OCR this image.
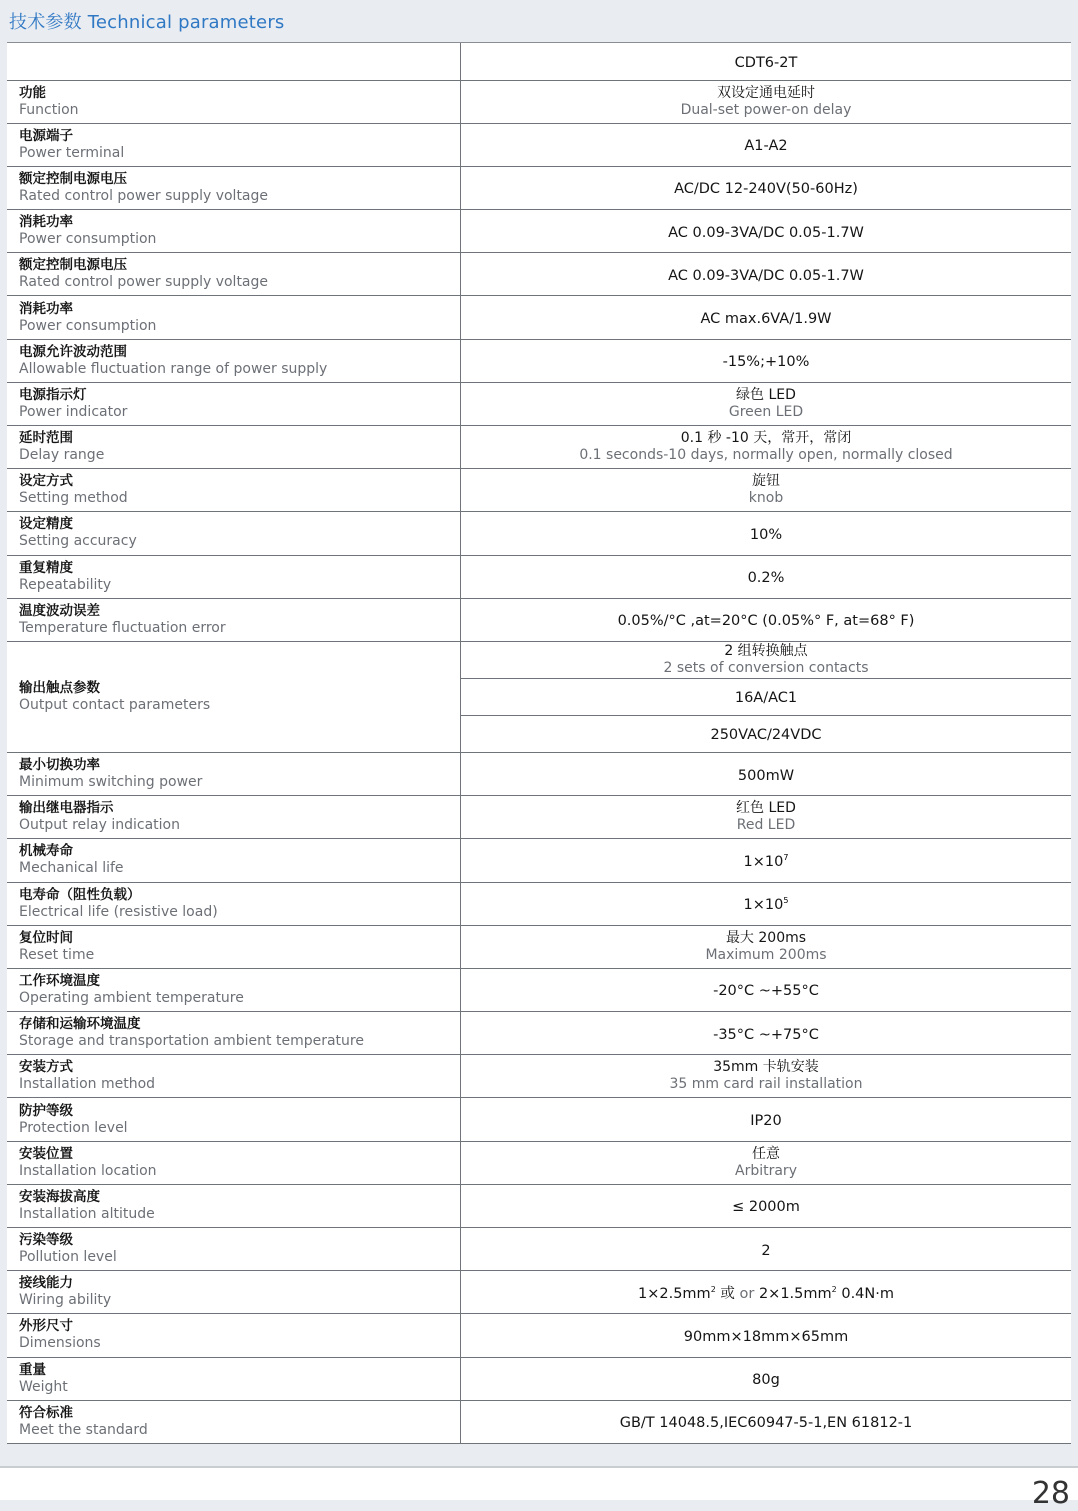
技术参数 Technical parameters
	CDT6-2T

功能
Function	双设定通电延时
Dual-set power-on delay

电源端子
Power terminal	A1-A2

额定控制电源电压
Rated control power supply voltage	AC/DC 12-240V(50-60Hz)

消耗功率
Power consumption	AC 0.09-3VA/DC 0.05-1.7W

额定控制电源电压
Rated control power supply voltage	AC 0.09-3VA/DC 0.05-1.7W

消耗功率
Power consumption	AC max.6VA/1.9W

电源允许波动范围
Allowable fluctuation range of power supply	-15%;+10%

电源指示灯
Power indicator	绿色 LED
Green LED

延时范围
Delay range	0.1 秒 -10 天，常开，常闭
0.1 seconds-10 days, normally open, normally closed

设定方式
Setting method	旋钮
knob

设定精度
Setting accuracy	10%

重复精度
Repeatability	0.2%

温度波动误差
Temperature fluctuation error	0.05%/°C ,at=20°C (0.05%° F, at=68° F)

输出触点参数
Output contact parameters	2 组转换触点
2 sets of conversion contacts

	16A/AC1
	250VAC/24VDC

最小切换功率
Minimum switching power	500mW

输出继电器指示
Output relay indication	红色 LED
Red LED

机械寿命
Mechanical life	$1\times 10^7$

电寿命（阻性负载）
Electrical life (resistive load)	$1\times 10^5$

复位时间
Reset time	最大 200ms
Maximum 200ms

工作环境温度
Operating ambient temperature	-20°C ~+55°C

存储和运输环境温度
Storage and transportation ambient temperature	-35°C ~+75°C

安装方式
Installation method	35mm 卡轨安装
35 mm card rail installation

防护等级
Protection level	IP20

安装位置
Installation location	任意
Arbitrary

安装海拔高度
Installation altitude	≤ 2000m

污染等级
Pollution level	2

接线能力
Wiring ability	$1\times 2.5mm^2$ 或 or $2\times 1.5mm^2$ 0.4N·m

外形尺寸
Dimensions	90mm×18mm×65mm

重量
Weight	80g

符合标准
Meet the standard	GB/T 14048.5,IEC60947-5-1,EN 61812-1
28
